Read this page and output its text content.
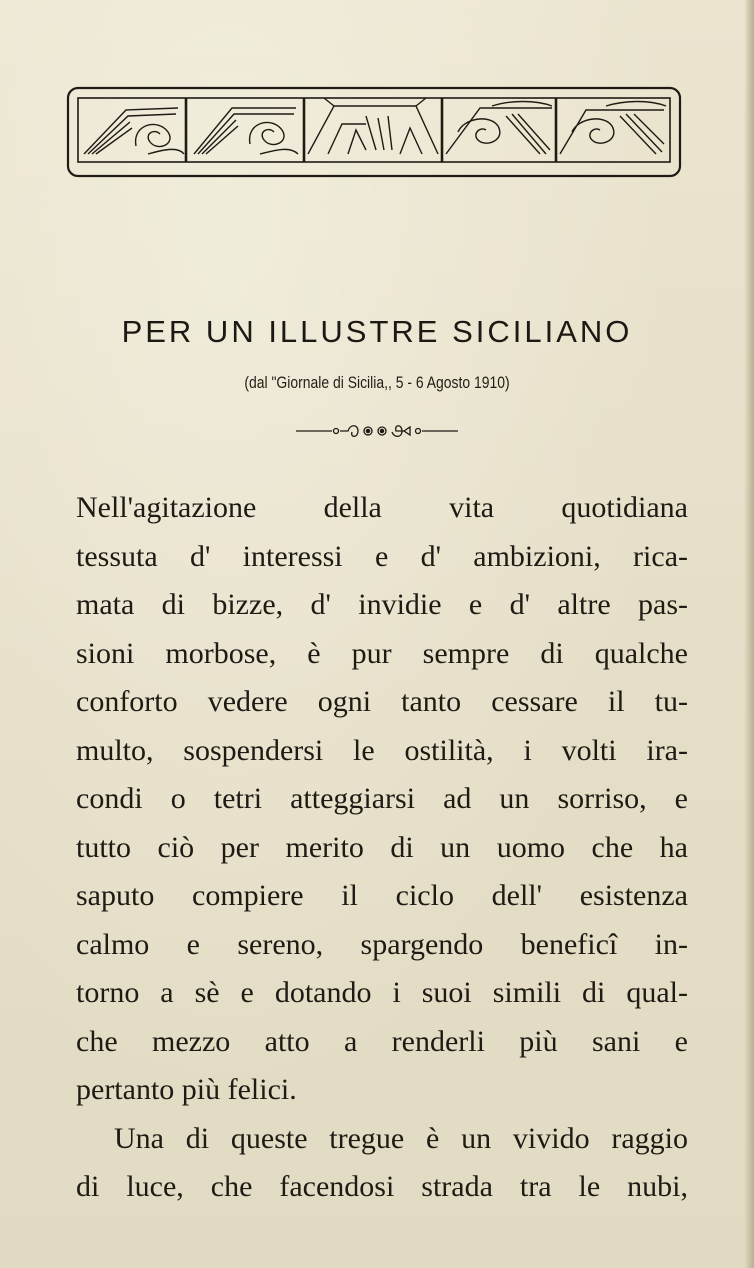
PER UN ILLUSTRE SICILIANO
(dal "Giornale di Sicilia,, 5 - 6 Agosto 1910)
Nell'agitazione della vita quotidiana
tessuta d' interessi e d' ambizioni, rica-
mata di bizze, d' invidie e d' altre pas-
sioni morbose, è pur sempre di qualche
conforto vedere ogni tanto cessare il tu-
multo, sospendersi le ostilità, i volti ira-
condi o tetri atteggiarsi ad un sorriso, e
tutto ciò per merito di un uomo che ha
saputo compiere il ciclo dell' esistenza
calmo e sereno, spargendo beneficî in-
torno a sè e dotando i suoi simili di qual-
che mezzo atto a renderli più sani e
pertanto più felici.
Una di queste tregue è un vivido raggio
di luce, che facendosi strada tra le nubi,
